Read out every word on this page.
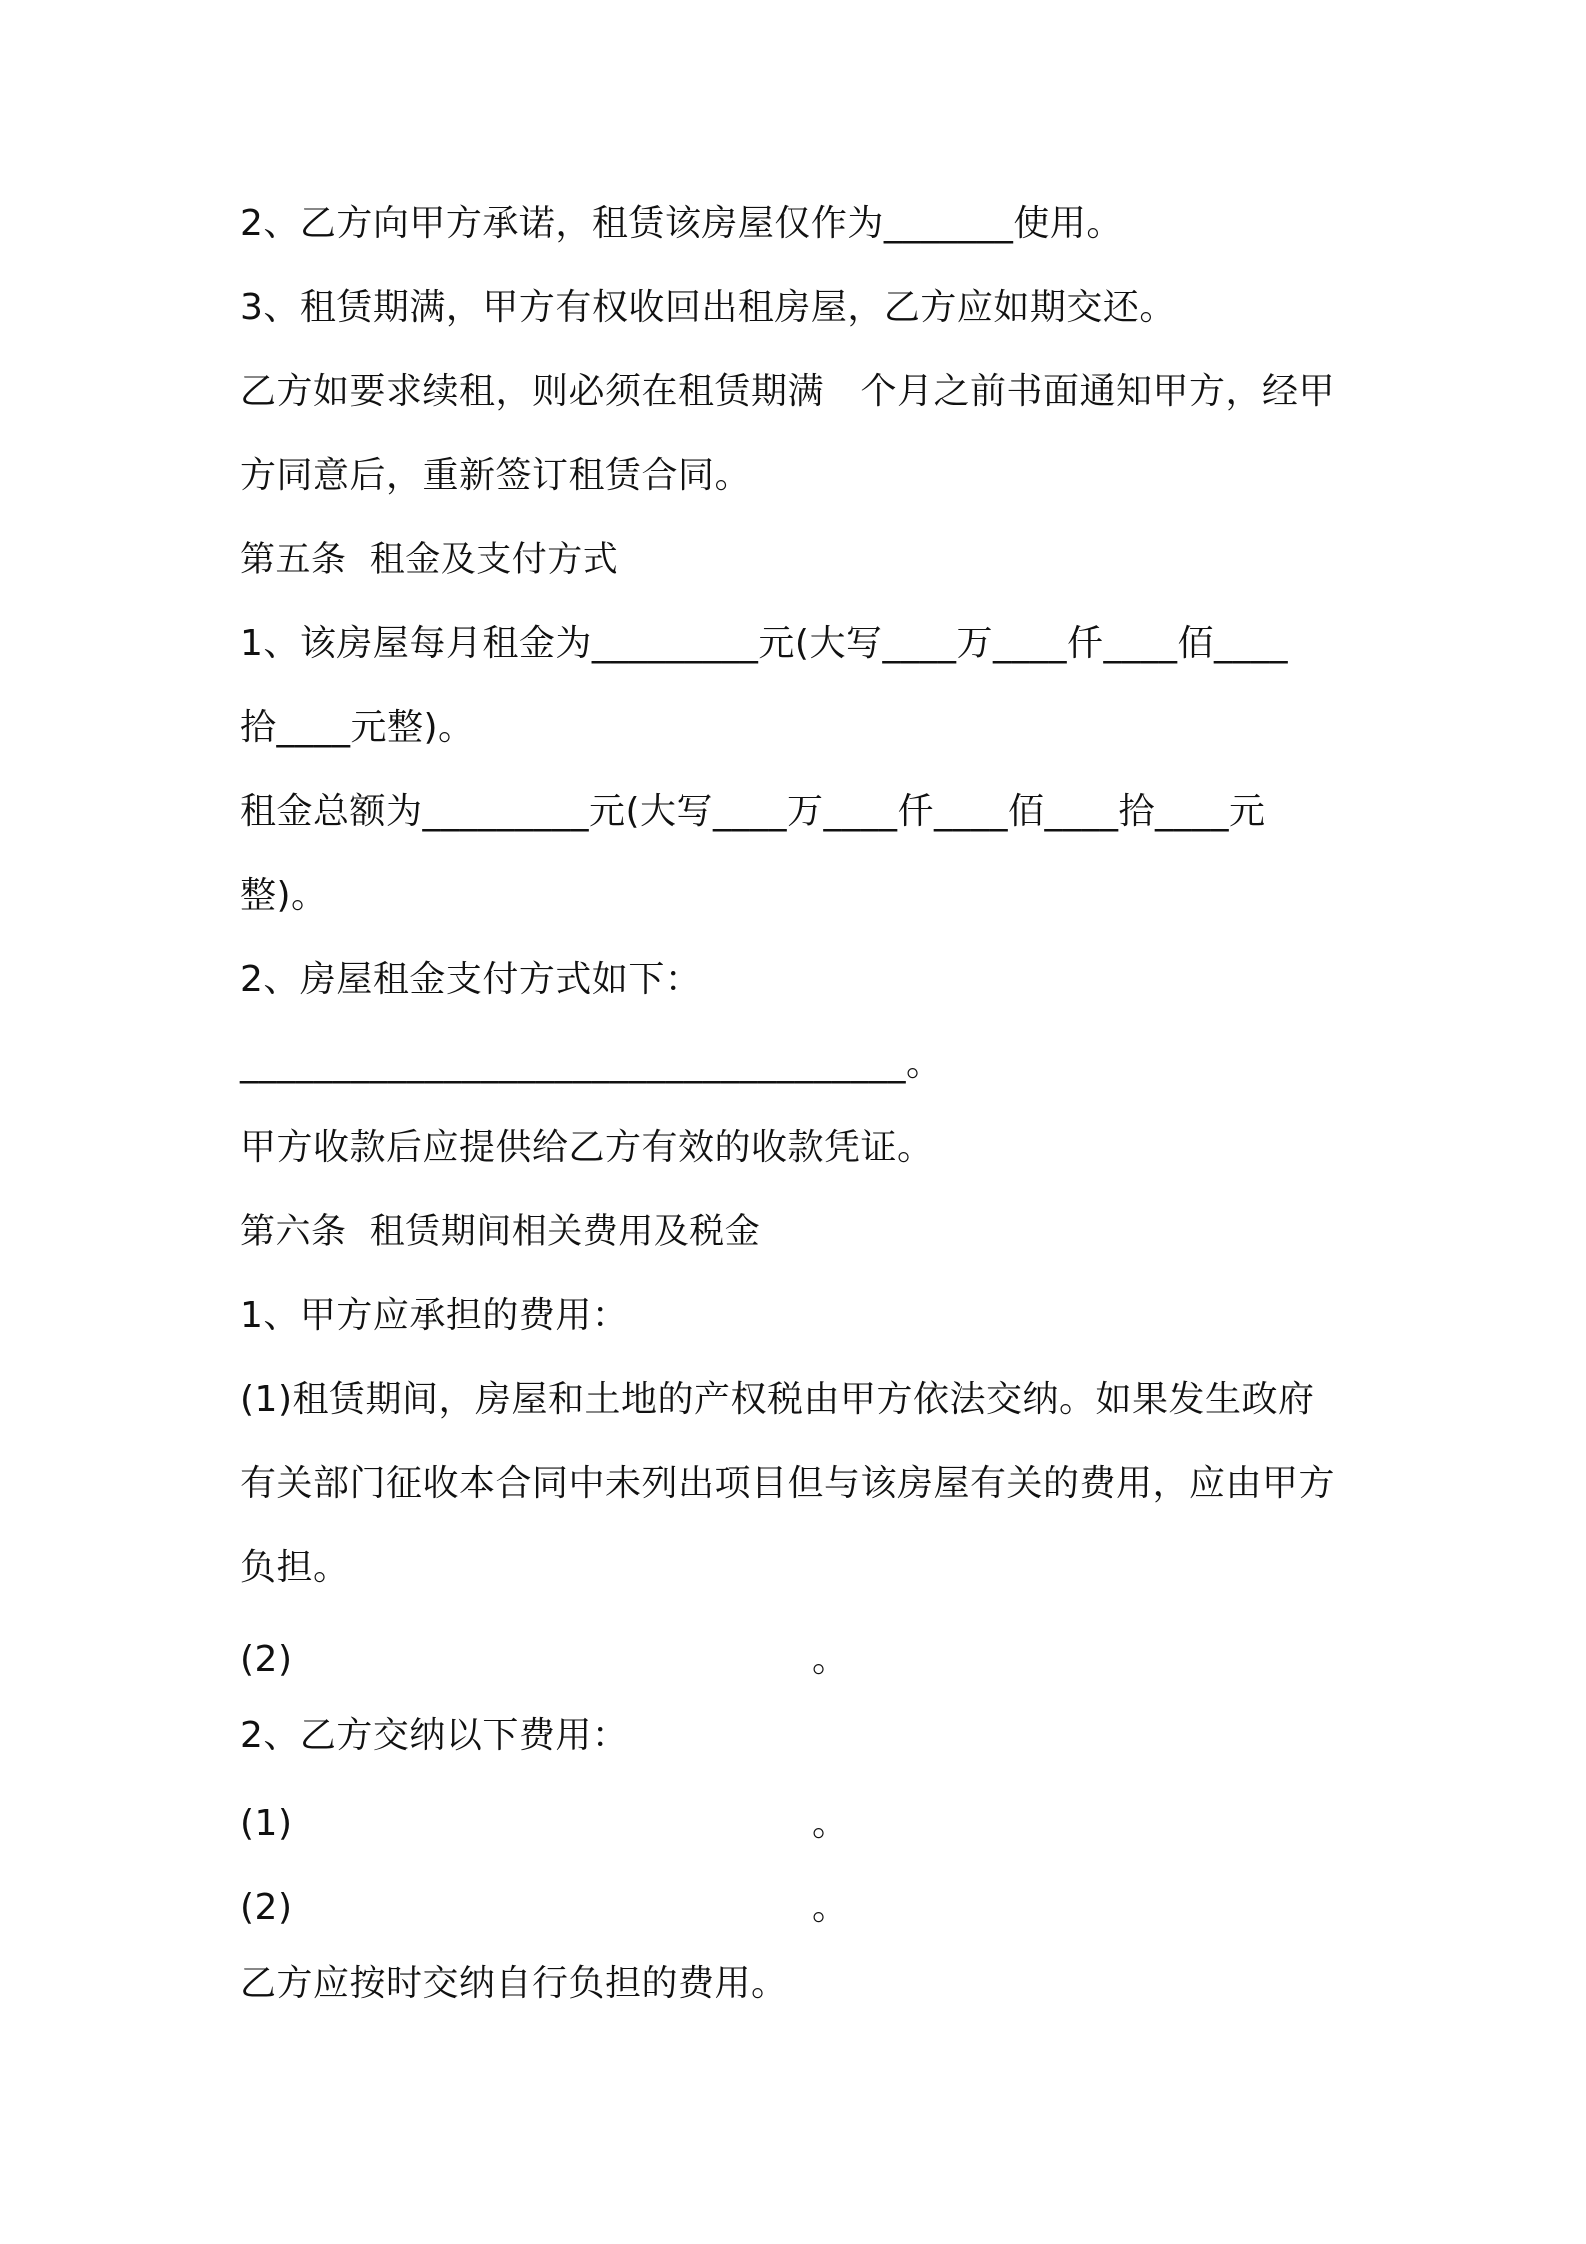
2、乙方向甲方承诺，租赁该房屋仅作为_______使用。
3、租赁期满，甲方有权收回出租房屋，乙方应如期交还。
乙方如要求续租，则必须在租赁期满　个月之前书面通知甲方，经甲
方同意后，重新签订租赁合同。
第五条  租金及支付方式
1、该房屋每月租金为_________元(大写____万____仟____佰____
拾____元整)。
租金总额为_________元(大写____万____仟____佰____拾____元
整)。
2、房屋租金支付方式如下：
____________________________________。
甲方收款后应提供给乙方有效的收款凭证。
第六条  租赁期间相关费用及税金
1、甲方应承担的费用：
(1)租赁期间，房屋和土地的产权税由甲方依法交纳。如果发生政府
有关部门征收本合同中未列出项目但与该房屋有关的费用，应由甲方
负担。
(2)	。
2、乙方交纳以下费用：
(1)	。
(2)	。
乙方应按时交纳自行负担的费用。
